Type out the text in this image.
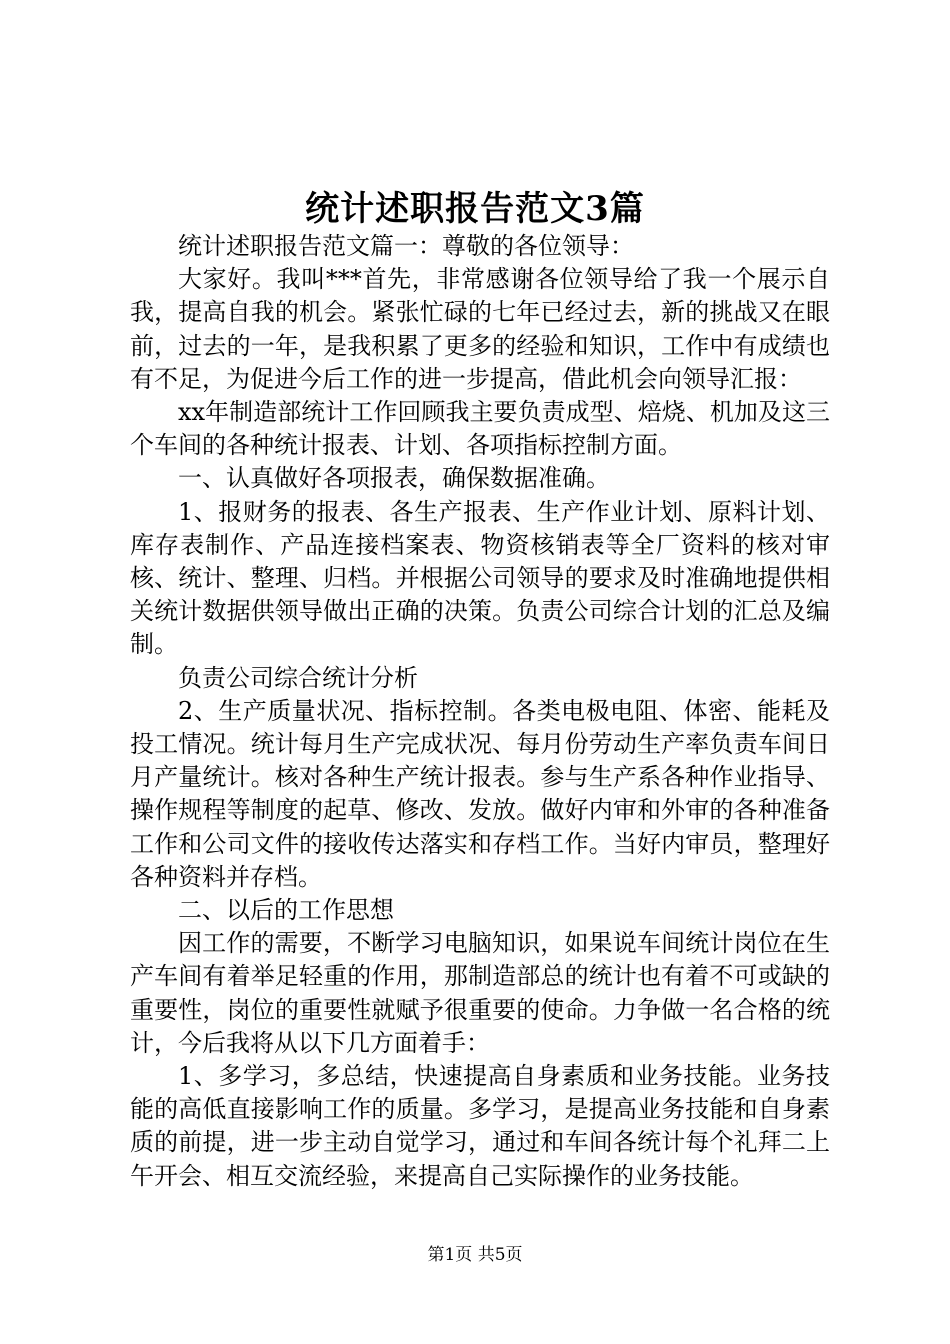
统计述职报告范文3篇

统计述职报告范文篇一：尊敬的各位领导：

大家好。我叫***首先，非常感谢各位领导给了我一个展示自我，提高自我的机会。紧张忙碌的七年已经过去，新的挑战又在眼前，过去的一年，是我积累了更多的经验和知识，工作中有成绩也有不足，为促进今后工作的进一步提高，借此机会向领导汇报：

xx年制造部统计工作回顾我主要负责成型、焙烧、机加及这三个车间的各种统计报表、计划、各项指标控制方面。

一、认真做好各项报表，确保数据准确。

1、报财务的报表、各生产报表、生产作业计划、原料计划、库存表制作、产品连接档案表、物资核销表等全厂资料的核对审核、统计、整理、归档。并根据公司领导的要求及时准确地提供相关统计数据供领导做出正确的决策。负责公司综合计划的汇总及编制。

负责公司综合统计分析

2、生产质量状况、指标控制。各类电极电阻、体密、能耗及投工情况。统计每月生产完成状况、每月份劳动生产率负责车间日月产量统计。核对各种生产统计报表。参与生产系各种作业指导、操作规程等制度的起草、修改、发放。做好内审和外审的各种准备工作和公司文件的接收传达落实和存档工作。当好内审员，整理好各种资料并存档。

二、以后的工作思想

因工作的需要，不断学习电脑知识，如果说车间统计岗位在生产车间有着举足轻重的作用，那制造部总的统计也有着不可或缺的重要性，岗位的重要性就赋予很重要的使命。力争做一名合格的统计，今后我将从以下几方面着手：

1、多学习，多总结，快速提高自身素质和业务技能。业务技能的高低直接影响工作的质量。多学习，是提高业务技能和自身素质的前提，进一步主动自觉学习，通过和车间各统计每个礼拜二上午开会、相互交流经验，来提高自己实际操作的业务技能。

第1页 共5页
